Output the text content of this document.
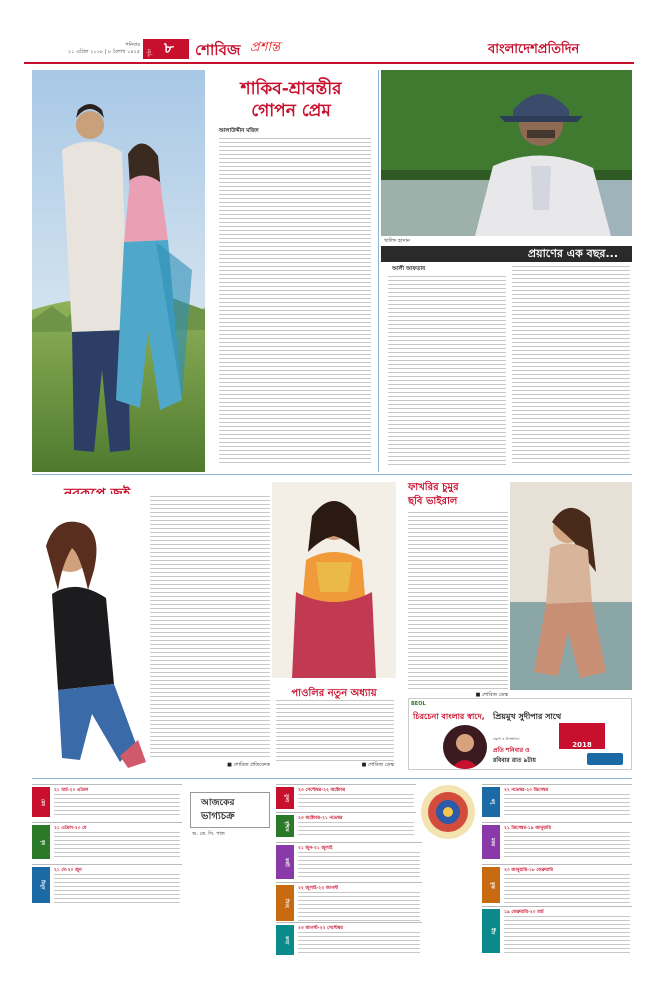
শনিবার
২১ এপ্রিল ২০১৮ | ৮ বৈশাখ ১৪২৫ পৃষ্ঠা ৮ শোবিজ প্রশান্ত	বাংলাদেশপ্রতিদিন
শাকিব-শ্রাবন্তীর
গোপন প্রেম
আলাউদ্দীন মজিদ
খালিদ হাসান
প্রয়াণের এক বছর...
আলী আফতাব
■ শোবিজ প্রতিবেদক
পাওলির নতুন অধ্যায়
■ শোবিজ ডেস্ক
ফাখরির চুমুর
ছবি ভাইরাল
■ শোবিজ ডেস্ক
BEOL
চিরচেনা বাংলার স্বাদে, প্রিয়মুখ সুদীপার সাথে
2018
গ্রন্থণা ও উপস্থাপনা
প্রতি শনিবার ও
রবিবার রাত ৯টায়
আজকের
ভাগ্যচক্র
অ. কে. সি. পাল
মেষ
২১ মার্চ-২০ এপ্রিল
বৃষ
২১ এপ্রিল-২০ মে
মিথুন
২১ মে-২০ জুন
কর্কট
২১ জুন-২১ জুলাই
সিংহ
২২ জুলাই-২২ আগস্ট
কন্যা
২৩ আগস্ট-২২ সেপ্টেম্বর
তুলা
২৩ সেপ্টেম্বর-২২ অক্টোবর
বৃশ্চিক
২৩ অক্টোবর-২১ নভেম্বর
ধনু
২২ নভেম্বর-২০ ডিসেম্বর
মকর
২১ ডিসেম্বর-১৯ জানুয়ারি
কুম্ভ
২০ জানুয়ারি-১৮ ফেব্রুয়ারি
মীন
১৯ ফেব্রুয়ারি-২০ মার্চ
